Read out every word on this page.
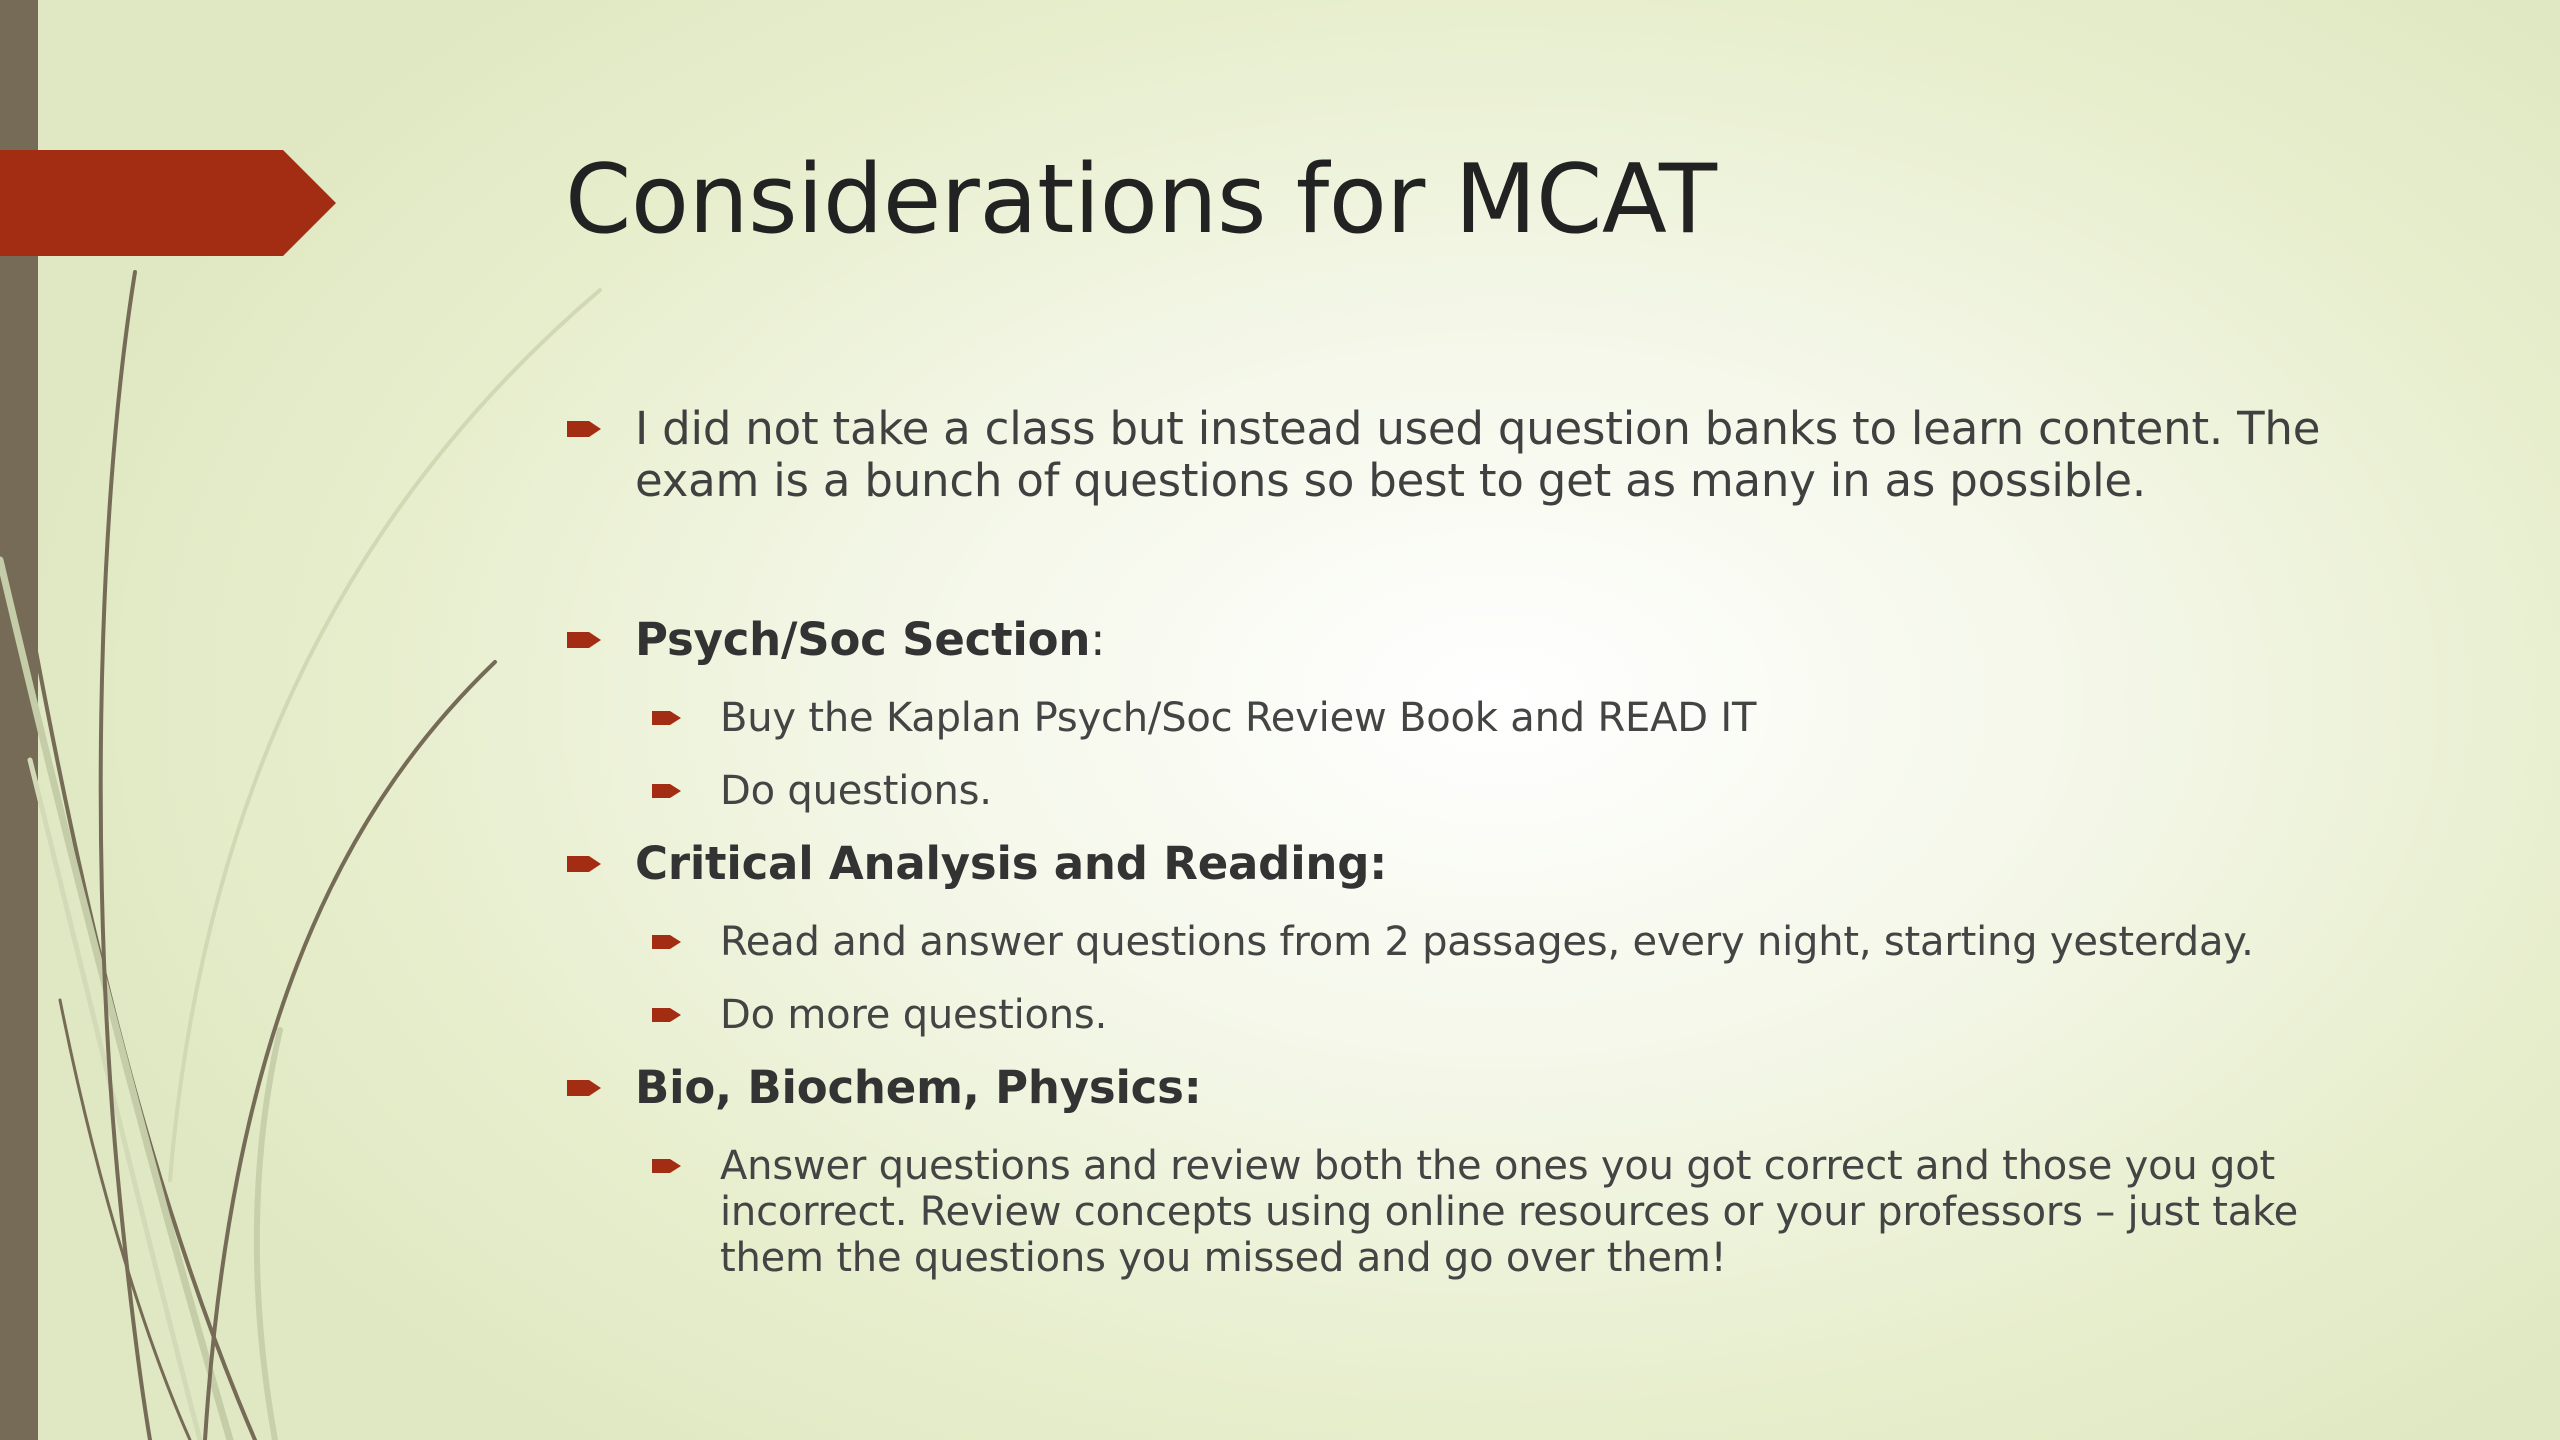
Considerations for MCAT
I did not take a class but instead used question banks to learn content. The
exam is a bunch of questions so best to get as many in as possible.
Psych/Soc Section:
Buy the Kaplan Psych/Soc Review Book and READ IT
Do questions.
Critical Analysis and Reading:
Read and answer questions from 2 passages, every night, starting yesterday.
Do more questions.
Bio, Biochem, Physics:
Answer questions and review both the ones you got correct and those you got
incorrect. Review concepts using online resources or your professors – just take
them the questions you missed and go over them!
